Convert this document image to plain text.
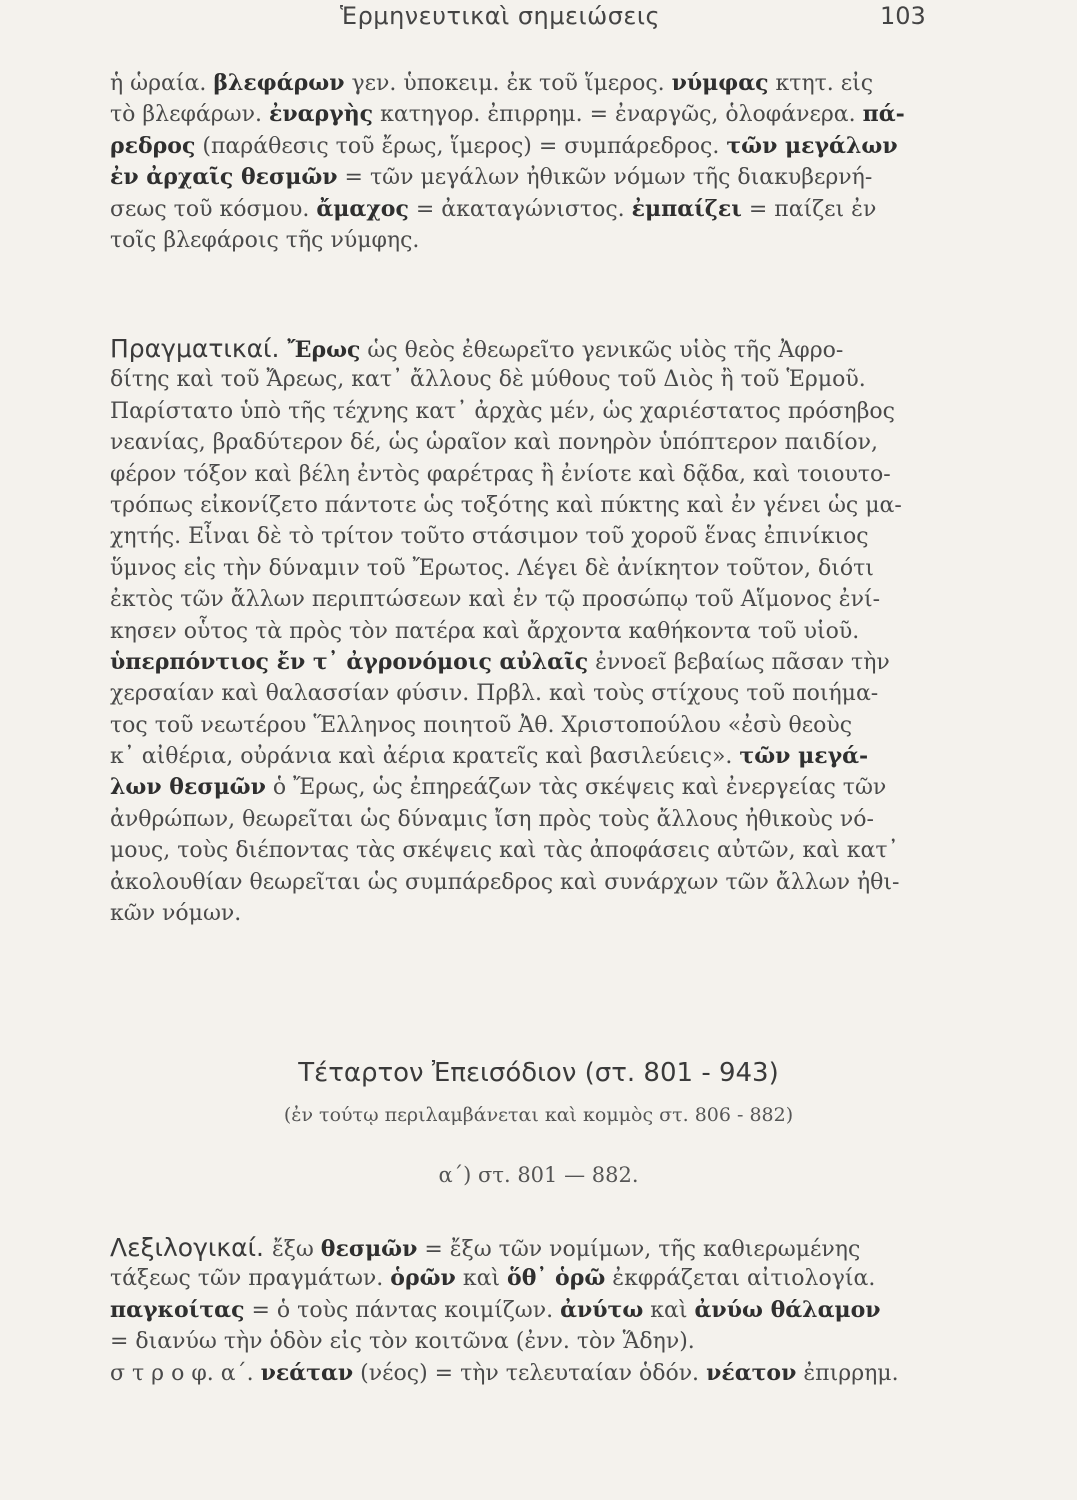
Ἑρμηνευτικαὶ σημειώσεις	103
ἡ ὡραία. βλεφάρων γεν. ὑποκειμ. ἐκ τοῦ ἵμερος. νύμφας κτητ. εἰς
τὸ βλεφάρων. ἐναργὴς κατηγορ. ἐπιρρημ. = ἐναργῶς, ὁλοφάνερα. πά-
ρεδρος (παράθεσις τοῦ ἔρως, ἵμερος) = συμπάρεδρος. τῶν μεγάλων
ἐν ἀρχαῖς θεσμῶν = τῶν μεγάλων ἠθικῶν νόμων τῆς διακυβερνή-
σεως τοῦ κόσμου. ἄμαχος = ἀκαταγώνιστος. ἐμπαίζει = παίζει ἐν
τοῖς βλεφάροις τῆς νύμφης.
Πραγματικαί. Ἔρως ὡς θεὸς ἐθεωρεῖτο γενικῶς υἱὸς τῆς Ἀφρο-
δίτης καὶ τοῦ Ἄρεως, κατ᾽ ἄλλους δὲ μύθους τοῦ Διὸς ἢ τοῦ Ἑρμοῦ.
Παρίστατο ὑπὸ τῆς τέχνης κατ᾽ ἀρχὰς μέν, ὡς χαριέστατος πρόσηβος
νεανίας, βραδύτερον δέ, ὡς ὡραῖον καὶ πονηρὸν ὑπόπτερον παιδίον,
φέρον τόξον καὶ βέλη ἐντὸς φαρέτρας ἢ ἐνίοτε καὶ δᾷδα, καὶ τοιουτο-
τρόπως εἰκονίζετο πάντοτε ὡς τοξότης καὶ πύκτης καὶ ἐν γένει ὡς μα-
χητής. Εἶναι δὲ τὸ τρίτον τοῦτο στάσιμον τοῦ χοροῦ ἕνας ἐπινίκιος
ὕμνος εἰς τὴν δύναμιν τοῦ Ἔρωτος. Λέγει δὲ ἀνίκητον τοῦτον, διότι
ἐκτὸς τῶν ἄλλων περιπτώσεων καὶ ἐν τῷ προσώπῳ τοῦ Αἵμονος ἐνί-
κησεν οὗτος τὰ πρὸς τὸν πατέρα καὶ ἄρχοντα καθήκοντα τοῦ υἱοῦ.
ὑπερπόντιος ἔν τ᾽ ἀγρονόμοις αὐλαῖς ἐννοεῖ βεβαίως πᾶσαν τὴν
χερσαίαν καὶ θαλασσίαν φύσιν. Πρβλ. καὶ τοὺς στίχους τοῦ ποιήμα-
τος τοῦ νεωτέρου Ἕλληνος ποιητοῦ Ἀθ. Χριστοπούλου «ἐσὺ θεοὺς
κ᾽ αἰθέρια, οὐράνια καὶ ἀέρια κρατεῖς καὶ βασιλεύεις». τῶν μεγά-
λων θεσμῶν ὁ Ἔρως, ὡς ἐπηρεάζων τὰς σκέψεις καὶ ἐνεργείας τῶν
ἀνθρώπων, θεωρεῖται ὡς δύναμις ἴση πρὸς τοὺς ἄλλους ἠθικοὺς νό-
μους, τοὺς διέποντας τὰς σκέψεις καὶ τὰς ἀποφάσεις αὐτῶν, καὶ κατ᾽
ἀκολουθίαν θεωρεῖται ὡς συμπάρεδρος καὶ συνάρχων τῶν ἄλλων ἠθι-
κῶν νόμων.
Τέταρτον Ἐπεισόδιον (στ. 801 - 943)
(ἐν τούτῳ περιλαμβάνεται καὶ κομμὸς στ. 806 - 882)
α΄) στ. 801 — 882.
Λεξιλογικαί. ἔξω θεσμῶν = ἔξω τῶν νομίμων, τῆς καθιερωμένης
τάξεως τῶν πραγμάτων. ὁρῶν καὶ ὅθ᾽ ὁρῶ ἐκφράζεται αἰτιολογία.
παγκοίτας = ὁ τοὺς πάντας κοιμίζων. ἀνύτω καὶ ἀνύω θάλαμον
= διανύω τὴν ὁδὸν εἰς τὸν κοιτῶνα (ἐνν. τὸν Ἅδην).
σ τ ρ ο φ. α΄. νεάταν (νέος) = τὴν τελευταίαν ὁδόν. νέατον ἐπιρρημ.
